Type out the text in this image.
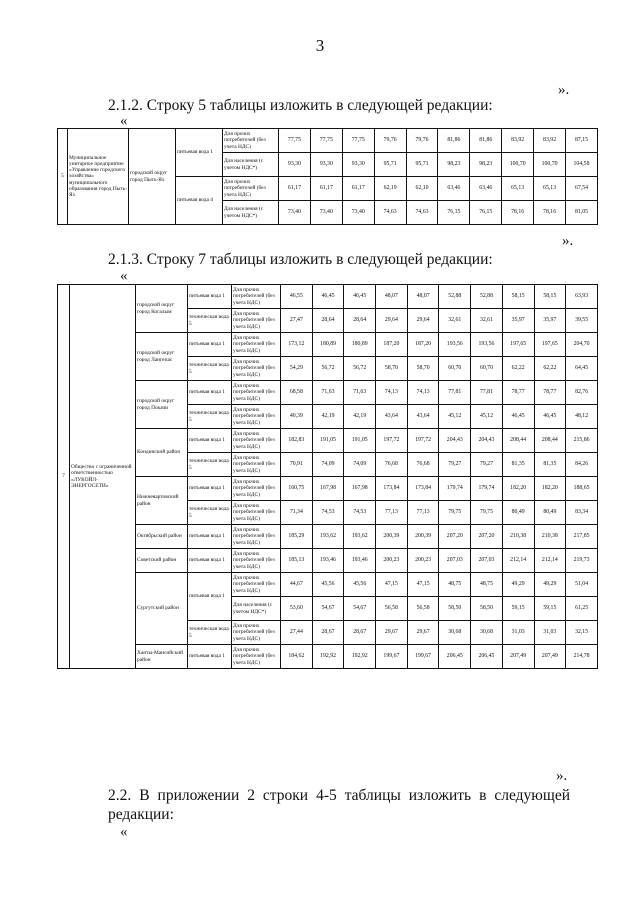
3
».
2.1.2. Строку 5 таблицы изложить в следующей редакции:
«
5	Муниципальное унитарное предприятие «Управление городского хозяйства» муниципального образования город Пыть-Ях	городской округ город Пыть-Ях	питьевая вода 1	Для прочих потребителей (без учета НДС)	77,75	77,75	77,75	79,76	79,76	81,86	81,86	83,92	83,92	87,15
				Для населения (с учетом НДС*)	93,30	93,30	93,30	95,71	95,71	98,23	98,23	100,70	100,70	104,58
			питьевая вода 4	Для прочих потребителей (без учета НДС)	61,17	61,17	61,17	62,19	62,10	63,46	63,46	65,13	65,13	67,54
				Для населения (с учетом НДС*)	73,40	73,40	73,40	74,63	74,63	76,15	76,15	78,16	78,16	81,05
».
2.1.3. Строку 7 таблицы изложить в следующей редакции:
«
7	Общество с ограниченной ответственностью «ЛУКОЙЛ-ЭНЕРГОСЕТИ»	городской округ город Когалым	питьевая вода 1	Для прочих потребителей (без учета НДС)	46,55	46,45	46,45	48,07	48,07	52,88	52,88	58,15	58,15	63,93
			техническая вода 5	Для прочих потребителей (без учета НДС)	27,47	28,64	28,64	29,64	29,64	32,61	32,61	35,97	35,97	39,55
		городской округ город Лангепас	питьевая вода 1	Для прочих потребителей (без учета НДС)	173,12	180,89	180,89	187,20	187,20	193,56	193,56	197,65	197,65	204,70
			техническая вода 5	Для прочих потребителей (без учета НДС)	54,29	56,72	56,72	58,70	58,70	60,70	60,70	62,22	62,22	64,45
		городской округ город Покачи	питьевая вода 1	Для прочих потребителей (без учета НДС)	68,58	71,63	71,63	74,13	74,13	77,81	77,81	78,77	78,77	82,76
			техническая вода 5	Для прочих потребителей (без учета НДС)	40,39	42,19	42,19	43,64	43,64	45,12	45,12	46,45	46,45	48,12
		Кондинский район	питьевая вода 1	Для прочих потребителей (без учета НДС)	182,83	191,05	191,05	197,72	197,72	204,43	204,43	208,44	208,44	215,86
			техническая вода 5	Для прочих потребителей (без учета НДС)	70,91	74,09	74,09	76,68	76,68	79,27	79,27	81,35	81,35	84,26
		Нижневартовский район	питьевая вода 1	Для прочих потребителей (без учета НДС)	160,75	167,98	167,98	173,84	173,84	179,74	179,74	182,20	182,20	188,65
			техническая вода 5	Для прочих потребителей (без учета НДС)	71,34	74,53	74,53	77,13	77,13	79,75	79,75	80,49	80,49	83,34
		Октябрьский район	питьевая вода 1	Для прочих потребителей (без учета НДС)	185,29	193,62	193,62	200,39	200,39	207,20	207,20	210,38	210,38	217,85
		Советский район	питьевая вода 1	Для прочих потребителей (без учета НДС)	185,13	193,46	193,46	200,23	200,23	207,03	207,03	212,14	212,14	219,73
		Сургутский район	питьевая вода 1	Для прочих потребителей (без учета НДС)	44,67	45,56	45,56	47,15	47,15	48,75	48,75	49,29	49,29	51,04
				Для населения (с учетом НДС*)	53,60	54,67	54,67	56,58	56,58	58,50	58,50	59,15	59,15	61,25
			техническая вода 5	Для прочих потребителей (без учета НДС)	27,44	28,67	28,67	29,67	29,67	30,68	30,68	31,03	31,03	32,15
		Ханты-Мансийский район	питьевая вода 1	Для прочих потребителей (без учета НДС)	184,62	192,92	192,92	199,67	199,67	206,45	206,45	207,49	207,49	214,78
».
2.2. В приложении 2 строки 4-5 таблицы изложить в следующей
редакции:
«
